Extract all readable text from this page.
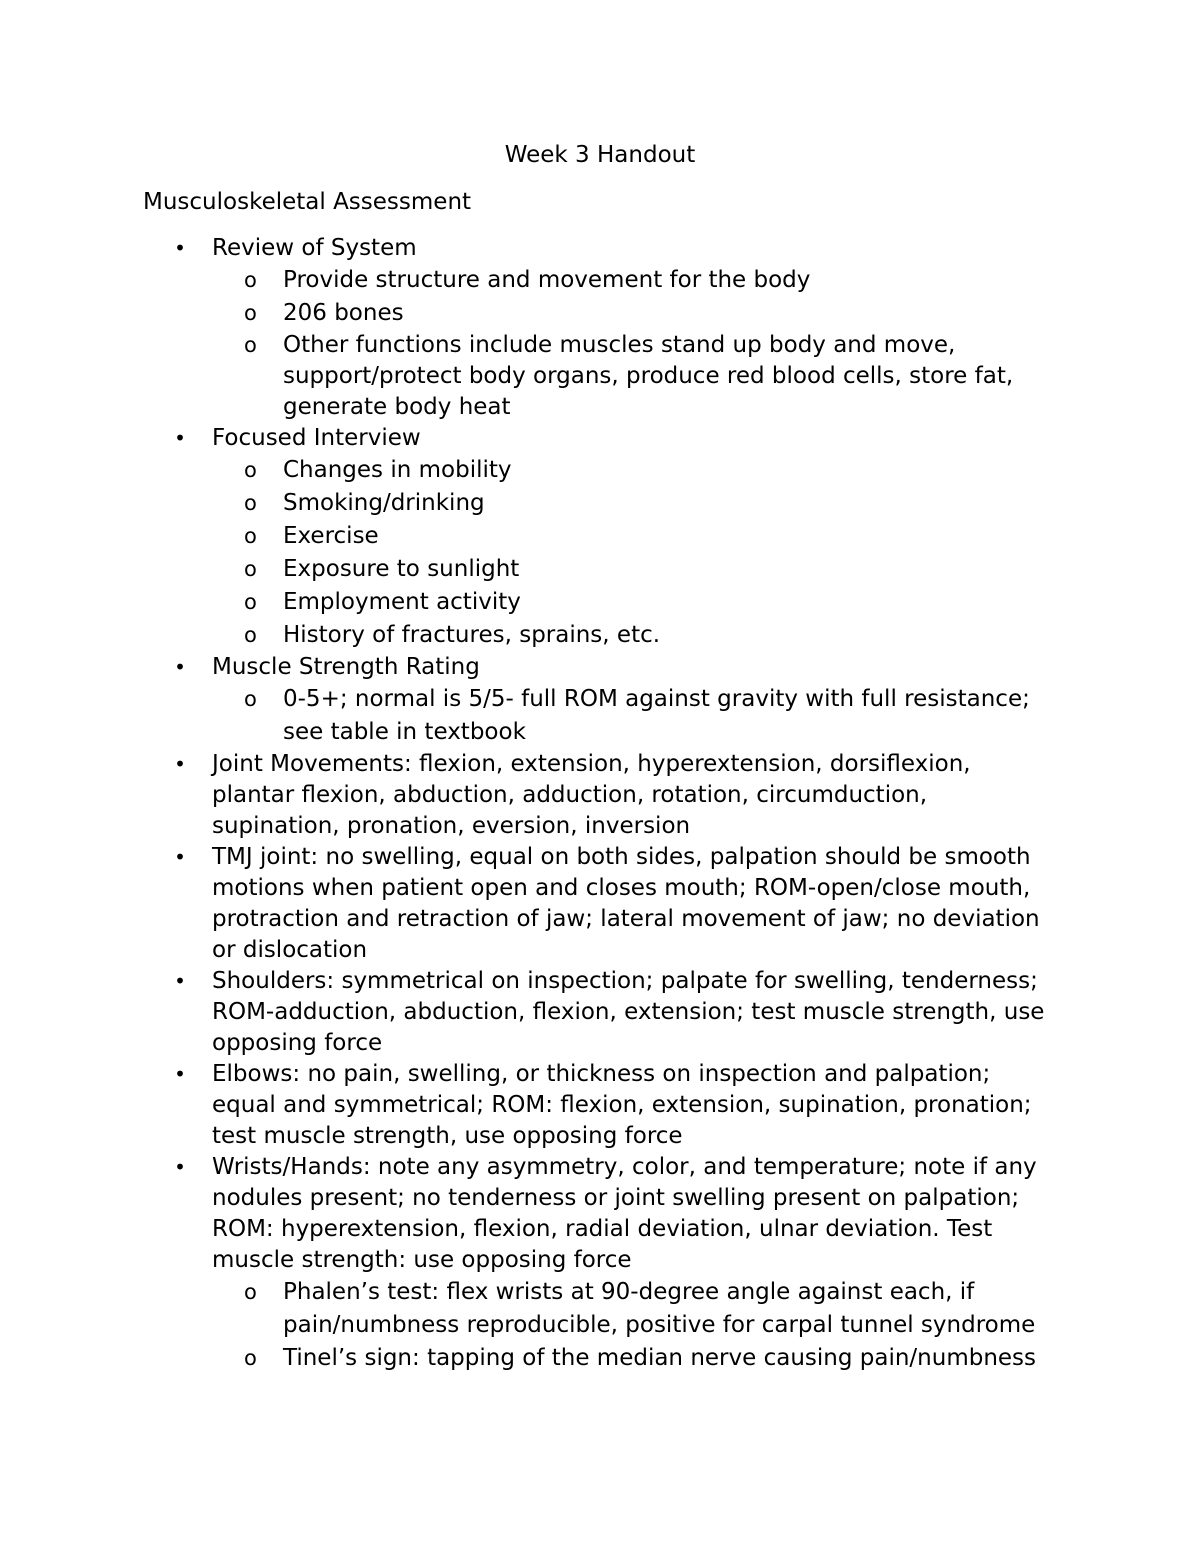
Week 3 Handout
Musculoskeletal Assessment
• Review of System
o Provide structure and movement for the body
o 206 bones
o Other functions include muscles stand up body and move, support/protect body organs, produce red blood cells, store fat, generate body heat
• Focused Interview
o Changes in mobility
o Smoking/drinking
o Exercise
o Exposure to sunlight
o Employment activity
o History of fractures, sprains, etc.
• Muscle Strength Rating
o 0-5+; normal is 5/5- full ROM against gravity with full resistance; see table in textbook
• Joint Movements: flexion, extension, hyperextension, dorsiflexion, plantar flexion, abduction, adduction, rotation, circumduction, supination, pronation, eversion, inversion
• TMJ joint: no swelling, equal on both sides, palpation should be smooth motions when patient open and closes mouth; ROM-open/close mouth, protraction and retraction of jaw; lateral movement of jaw; no deviation or dislocation
• Shoulders: symmetrical on inspection; palpate for swelling, tenderness; ROM-adduction, abduction, flexion, extension; test muscle strength, use opposing force
• Elbows: no pain, swelling, or thickness on inspection and palpation; equal and symmetrical; ROM: flexion, extension, supination, pronation; test muscle strength, use opposing force
• Wrists/Hands: note any asymmetry, color, and temperature; note if any nodules present; no tenderness or joint swelling present on palpation; ROM: hyperextension, flexion, radial deviation, ulnar deviation. Test muscle strength: use opposing force
o Phalen’s test: flex wrists at 90-degree angle against each, if pain/numbness reproducible, positive for carpal tunnel syndrome
o Tinel’s sign: tapping of the median nerve causing pain/numbness
